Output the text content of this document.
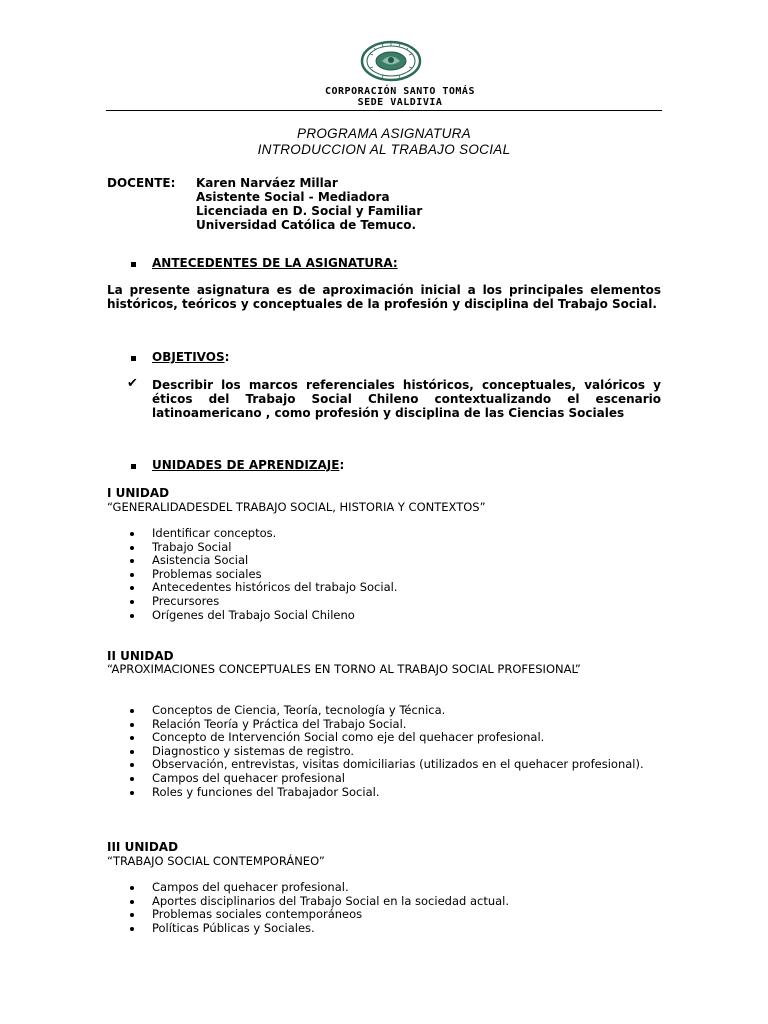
CORPORACIÓN SANTO TOMÁS
SEDE VALDIVIA
PROGRAMA ASIGNATURA
INTRODUCCION AL TRABAJO SOCIAL
DOCENTE: Karen Narváez Millar
Asistente Social - Mediadora
Licenciada en D. Social y Familiar
Universidad Católica de Temuco.
ANTECEDENTES DE LA ASIGNATURA:
La presente asignatura es de aproximación inicial a los principales elementos históricos, teóricos y conceptuales de la profesión y disciplina del Trabajo Social.
OBJETIVOS:
✔ Describir los marcos referenciales históricos, conceptuales, valóricos y éticos del Trabajo Social Chileno contextualizando el escenario latinoamericano , como profesión y disciplina de las Ciencias Sociales
UNIDADES DE APRENDIZAJE:
I UNIDAD
“GENERALIDADESDEL TRABAJO SOCIAL, HISTORIA Y CONTEXTOS”
Identificar conceptos.
Trabajo Social
Asistencia Social
Problemas sociales
Antecedentes históricos del trabajo Social.
Precursores
Orígenes del Trabajo Social Chileno
II UNIDAD
“APROXIMACIONES CONCEPTUALES EN TORNO AL TRABAJO SOCIAL PROFESIONAL”
Conceptos de Ciencia, Teoría, tecnología y Técnica.
Relación Teoría y Práctica del Trabajo Social.
Concepto de Intervención Social como eje del quehacer profesional.
Diagnostico y sistemas de registro.
Observación, entrevistas, visitas domiciliarias (utilizados en el quehacer profesional).
Campos del quehacer profesional
Roles y funciones del Trabajador Social.
III UNIDAD
“TRABAJO SOCIAL CONTEMPORÁNEO”
Campos del quehacer profesional.
Aportes disciplinarios del Trabajo Social en la sociedad actual.
Problemas sociales contemporáneos
Políticas Públicas y Sociales.
